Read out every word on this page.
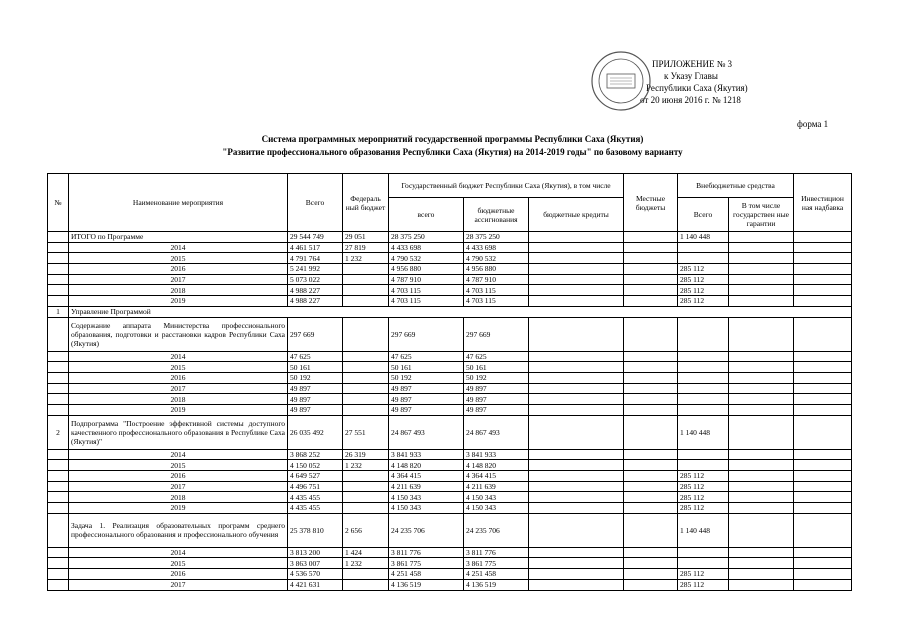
ПРИЛОЖЕНИЕ № 3
к Указу Главы
Республики Саха (Якутия)
от 20 июня 2016 г. № 1218
форма 1
Система программных мероприятий государственной программы Республики Саха (Якутия)
"Развитие профессионального образования Республики Саха (Якутия) на 2014-2019 годы" по базовому варианту
№	Наименование мероприятия	Всего	Федераль ный бюджет	Государственный бюджет Республики Саха (Якутия), в том числе			Местные бюджеты	Внебюджетные средства		Инвестицион ная надбавка
				всего	бюджетные ассигнования	бюджетные кредиты		Всего	В том числе государствен ные гарантии	
	ИТОГО по Программе	29 544 749	29 051	28 375 250	28 375 250			1 140 448		
	2014	4 461 517	27 819	4 433 698	4 433 698					
	2015	4 791 764	1 232	4 790 532	4 790 532					
	2016	5 241 992		4 956 880	4 956 880			285 112		
	2017	5 073 022		4 787 910	4 787 910			285 112		
	2018	4 988 227		4 703 115	4 703 115			285 112		
	2019	4 988 227		4 703 115	4 703 115			285 112		
1	Управление Программой									
	Содержание аппарата Министерства профессионального образования, подготовки и расстановки кадров Республики Саха (Якутия)	297 669		297 669	297 669					
	2014	47 625		47 625	47 625					
	2015	50 161		50 161	50 161					
	2016	50 192		50 192	50 192					
	2017	49 897		49 897	49 897					
	2018	49 897		49 897	49 897					
	2019	49 897		49 897	49 897					
2	Подпрограмма "Построение эффективной системы доступного качественного профессионального образования в Республике Саха (Якутия)"	26 035 492	27 551	24 867 493	24 867 493			1 140 448		
	2014	3 868 252	26 319	3 841 933	3 841 933					
	2015	4 150 052	1 232	4 148 820	4 148 820					
	2016	4 649 527		4 364 415	4 364 415			285 112		
	2017	4 496 751		4 211 639	4 211 639			285 112		
	2018	4 435 455		4 150 343	4 150 343			285 112		
	2019	4 435 455		4 150 343	4 150 343			285 112		
	Задача 1. Реализация образовательных программ среднего профессионального образования и профессионального обучения	25 378 810	2 656	24 235 706	24 235 706			1 140 448		
	2014	3 813 200	1 424	3 811 776	3 811 776					
	2015	3 863 007	1 232	3 861 775	3 861 775					
	2016	4 536 570		4 251 458	4 251 458			285 112		
	2017	4 421 631		4 136 519	4 136 519			285 112		
